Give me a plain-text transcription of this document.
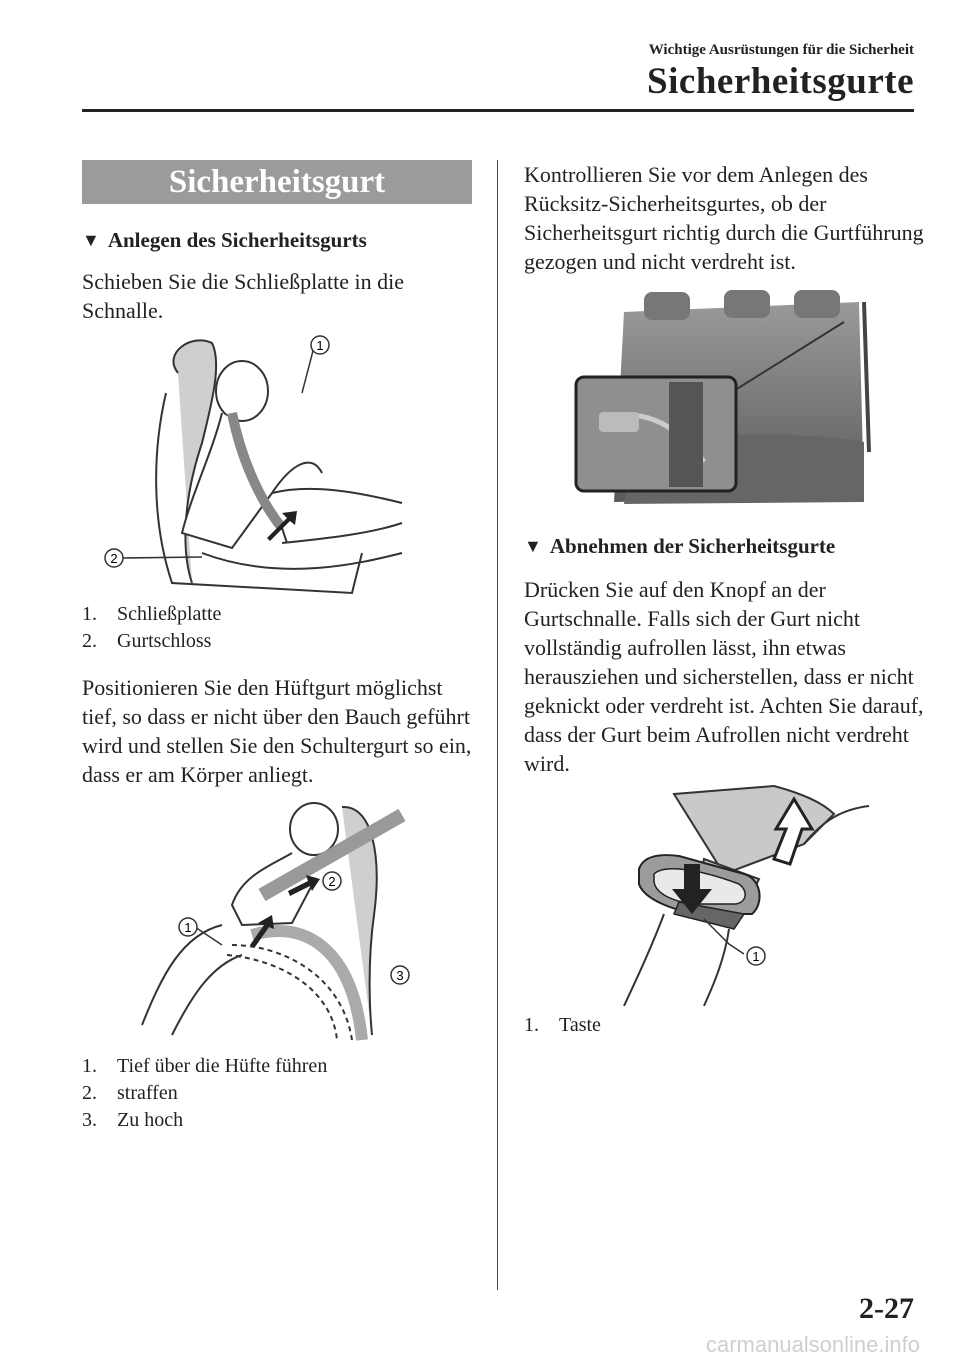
Wichtige Ausrüstungen für die Sicherheit
Sicherheitsgurte
Sicherheitsgurt
▼ Anlegen des Sicherheitsgurts

Schieben Sie die Schließplatte in die Schnalle.

1
2
1.	Schließplatte
2.	Gurtschloss

Positionieren Sie den Hüftgurt möglichst tief, so dass er nicht über den Bauch geführt wird und stellen Sie den Schultergurt so ein, dass er am Körper anliegt.

1
2
3
1.	Tief über die Hüfte führen
2.	straffen
3.	Zu hoch

Kontrollieren Sie vor dem Anlegen des Rücksitz-Sicherheitsgurtes, ob der Sicherheitsgurt richtig durch die Gurtführung gezogen und nicht verdreht ist.

▼ Abnehmen der Sicherheitsgurte

Drücken Sie auf den Knopf an der Gurtschnalle. Falls sich der Gurt nicht vollständig aufrollen lässt, ihn etwas herausziehen und sicherstellen, dass er nicht geknickt oder verdreht ist. Achten Sie darauf, dass der Gurt beim Aufrollen nicht verdreht wird.

1
1.	Taste
2-27
carmanualsonline.info
